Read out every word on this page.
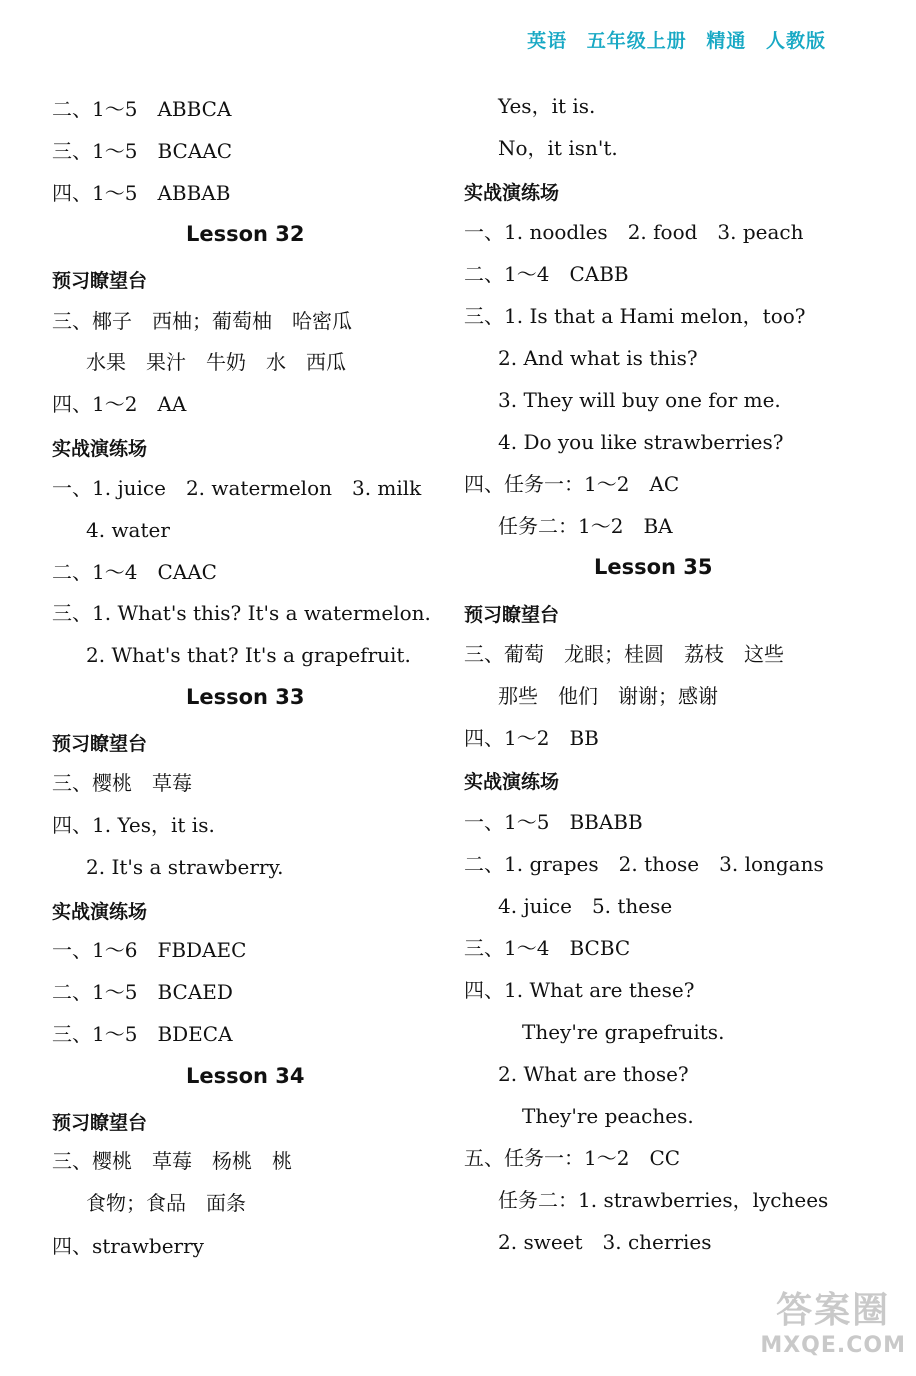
英语 五年级上册 精通 人教版
二、1～5　ABBCA
三、1～5　BCAAC
四、1～5　ABBAB
Lesson 32
预习瞭望台
三、椰子　西柚；葡萄柚　哈密瓜
水果　果汁　牛奶　水　西瓜
四、1～2　AA
实战演练场
一、1. juice　2. watermelon　3. milk
4. water
二、1～4　CAAC
三、1. What's this? It's a watermelon.
2. What's that? It's a grapefruit.
Lesson 33
预习瞭望台
三、樱桃　草莓
四、1. Yes，it is.
2. It's a strawberry.
实战演练场
一、1～6　FBDAEC
二、1～5　BCAED
三、1～5　BDECA
Lesson 34
预习瞭望台
三、樱桃　草莓　杨桃　桃
食物；食品　面条
四、strawberry
Yes，it is.
No，it isn't.
实战演练场
一、1. noodles　2. food　3. peach
二、1～4　CABB
三、1. Is that a Hami melon，too?
2. And what is this?
3. They will buy one for me.
4. Do you like strawberries?
四、任务一：1～2　AC
任务二：1～2　BA
Lesson 35
预习瞭望台
三、葡萄　龙眼；桂圆　荔枝　这些
那些　他们　谢谢；感谢
四、1～2　BB
实战演练场
一、1～5　BBABB
二、1. grapes　2. those　3. longans
4. juice　5. these
三、1～4　BCBC
四、1. What are these?
They're grapefruits.
2. What are those?
They're peaches.
五、任务一：1～2　CC
任务二：1. strawberries，lychees
2. sweet　3. cherries
答案圈
MXQE.COM
